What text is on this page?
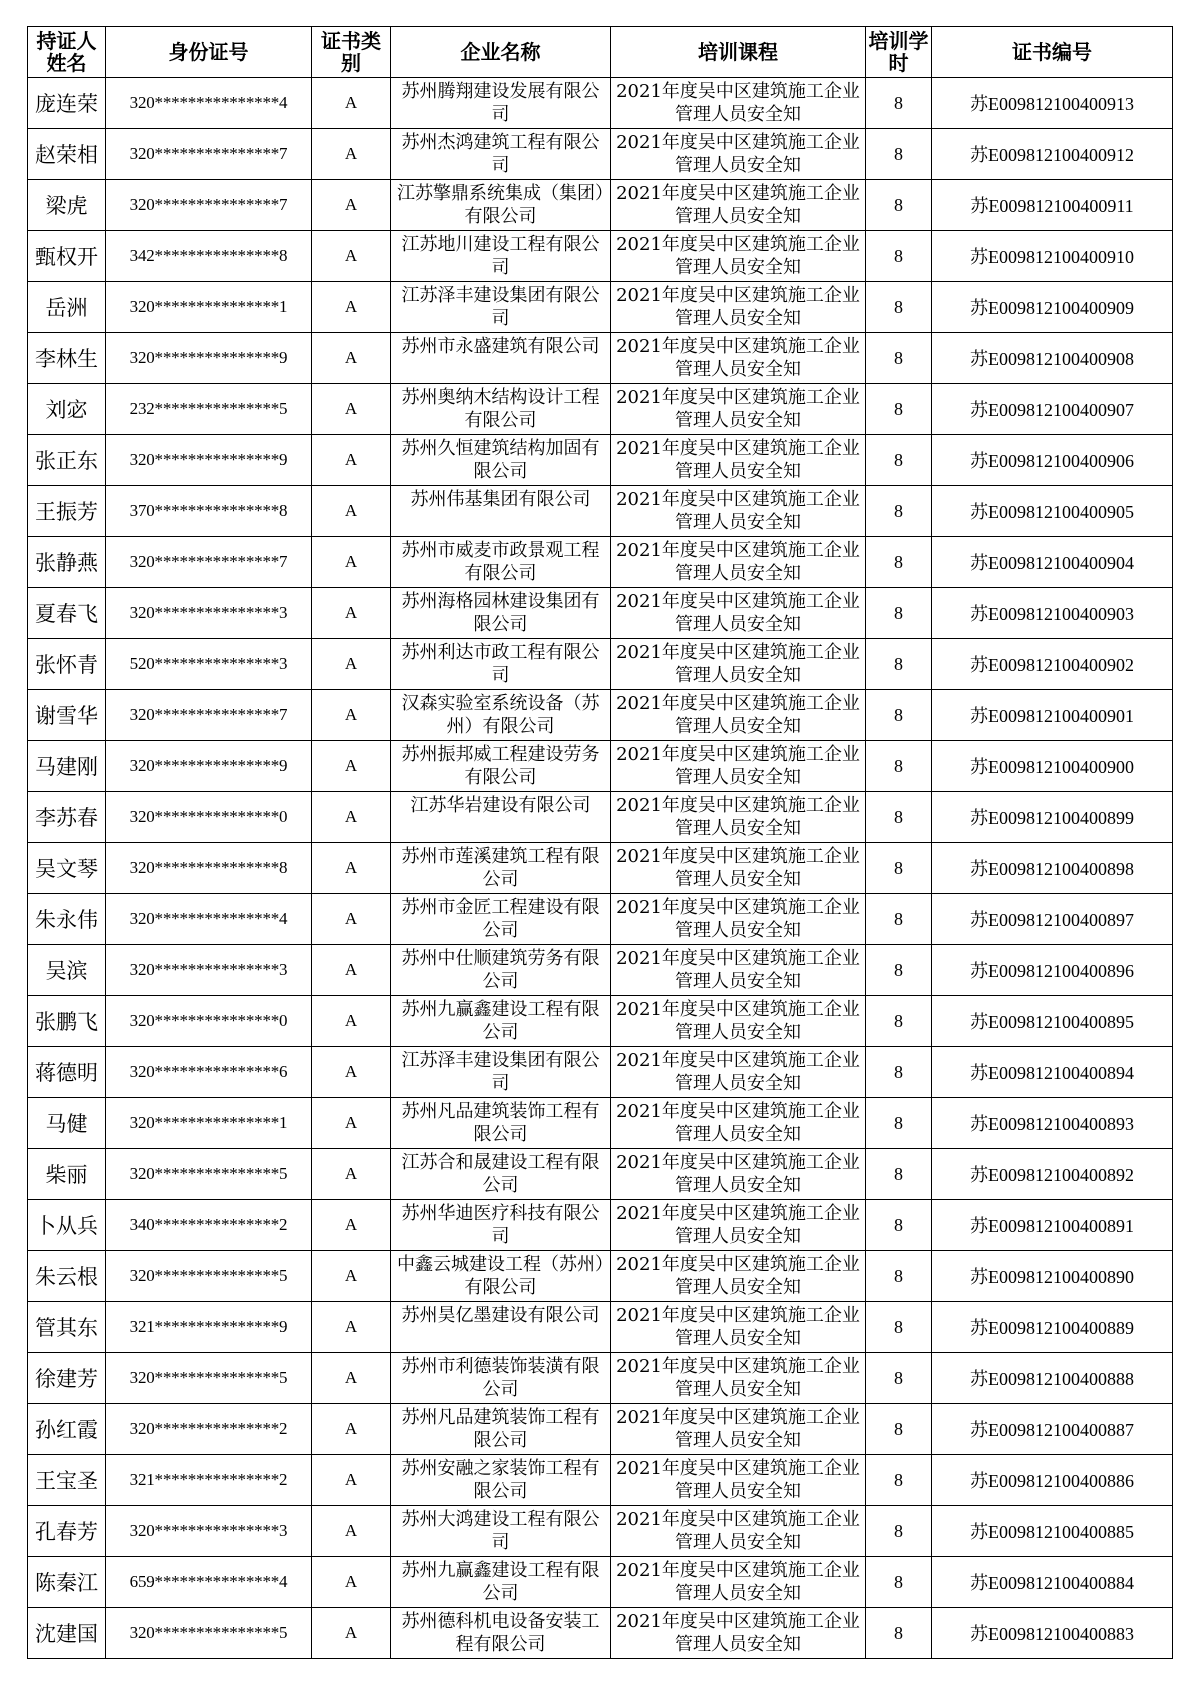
持证人姓名	身份证号	证书类别	企业名称	培训课程	培训学时	证书编号
庞连荣	320***************4	A	苏州腾翔建设发展有限公司	2021年度吴中区建筑施工企业管理人员安全知	8	苏E009812100400913
赵荣相	320***************7	A	苏州杰鸿建筑工程有限公司	2021年度吴中区建筑施工企业管理人员安全知	8	苏E009812100400912
梁虎	320***************7	A	江苏擎鼎系统集成（集团）有限公司	2021年度吴中区建筑施工企业管理人员安全知	8	苏E009812100400911
甄权开	342***************8	A	江苏地川建设工程有限公司	2021年度吴中区建筑施工企业管理人员安全知	8	苏E009812100400910
岳洲	320***************1	A	江苏泽丰建设集团有限公司	2021年度吴中区建筑施工企业管理人员安全知	8	苏E009812100400909
李林生	320***************9	A	苏州市永盛建筑有限公司	2021年度吴中区建筑施工企业管理人员安全知	8	苏E009812100400908
刘宓	232***************5	A	苏州奥纳木结构设计工程有限公司	2021年度吴中区建筑施工企业管理人员安全知	8	苏E009812100400907
张正东	320***************9	A	苏州久恒建筑结构加固有限公司	2021年度吴中区建筑施工企业管理人员安全知	8	苏E009812100400906
王振芳	370***************8	A	苏州伟基集团有限公司	2021年度吴中区建筑施工企业管理人员安全知	8	苏E009812100400905
张静燕	320***************7	A	苏州市威麦市政景观工程有限公司	2021年度吴中区建筑施工企业管理人员安全知	8	苏E009812100400904
夏春飞	320***************3	A	苏州海格园林建设集团有限公司	2021年度吴中区建筑施工企业管理人员安全知	8	苏E009812100400903
张怀青	520***************3	A	苏州利达市政工程有限公司	2021年度吴中区建筑施工企业管理人员安全知	8	苏E009812100400902
谢雪华	320***************7	A	汉森实验室系统设备（苏州）有限公司	2021年度吴中区建筑施工企业管理人员安全知	8	苏E009812100400901
马建刚	320***************9	A	苏州振邦威工程建设劳务有限公司	2021年度吴中区建筑施工企业管理人员安全知	8	苏E009812100400900
李苏春	320***************0	A	江苏华岩建设有限公司	2021年度吴中区建筑施工企业管理人员安全知	8	苏E009812100400899
吴文琴	320***************8	A	苏州市莲溪建筑工程有限公司	2021年度吴中区建筑施工企业管理人员安全知	8	苏E009812100400898
朱永伟	320***************4	A	苏州市金匠工程建设有限公司	2021年度吴中区建筑施工企业管理人员安全知	8	苏E009812100400897
吴滨	320***************3	A	苏州中仕顺建筑劳务有限公司	2021年度吴中区建筑施工企业管理人员安全知	8	苏E009812100400896
张鹏飞	320***************0	A	苏州九赢鑫建设工程有限公司	2021年度吴中区建筑施工企业管理人员安全知	8	苏E009812100400895
蒋德明	320***************6	A	江苏泽丰建设集团有限公司	2021年度吴中区建筑施工企业管理人员安全知	8	苏E009812100400894
马健	320***************1	A	苏州凡品建筑装饰工程有限公司	2021年度吴中区建筑施工企业管理人员安全知	8	苏E009812100400893
柴丽	320***************5	A	江苏合和晟建设工程有限公司	2021年度吴中区建筑施工企业管理人员安全知	8	苏E009812100400892
卜从兵	340***************2	A	苏州华迪医疗科技有限公司	2021年度吴中区建筑施工企业管理人员安全知	8	苏E009812100400891
朱云根	320***************5	A	中鑫云城建设工程（苏州）有限公司	2021年度吴中区建筑施工企业管理人员安全知	8	苏E009812100400890
管其东	321***************9	A	苏州昊亿墨建设有限公司	2021年度吴中区建筑施工企业管理人员安全知	8	苏E009812100400889
徐建芳	320***************5	A	苏州市利德装饰装潢有限公司	2021年度吴中区建筑施工企业管理人员安全知	8	苏E009812100400888
孙红霞	320***************2	A	苏州凡品建筑装饰工程有限公司	2021年度吴中区建筑施工企业管理人员安全知	8	苏E009812100400887
王宝圣	321***************2	A	苏州安融之家装饰工程有限公司	2021年度吴中区建筑施工企业管理人员安全知	8	苏E009812100400886
孔春芳	320***************3	A	苏州大鸿建设工程有限公司	2021年度吴中区建筑施工企业管理人员安全知	8	苏E009812100400885
陈秦江	659***************4	A	苏州九赢鑫建设工程有限公司	2021年度吴中区建筑施工企业管理人员安全知	8	苏E009812100400884
沈建国	320***************5	A	苏州德科机电设备安装工程有限公司	2021年度吴中区建筑施工企业管理人员安全知	8	苏E009812100400883
